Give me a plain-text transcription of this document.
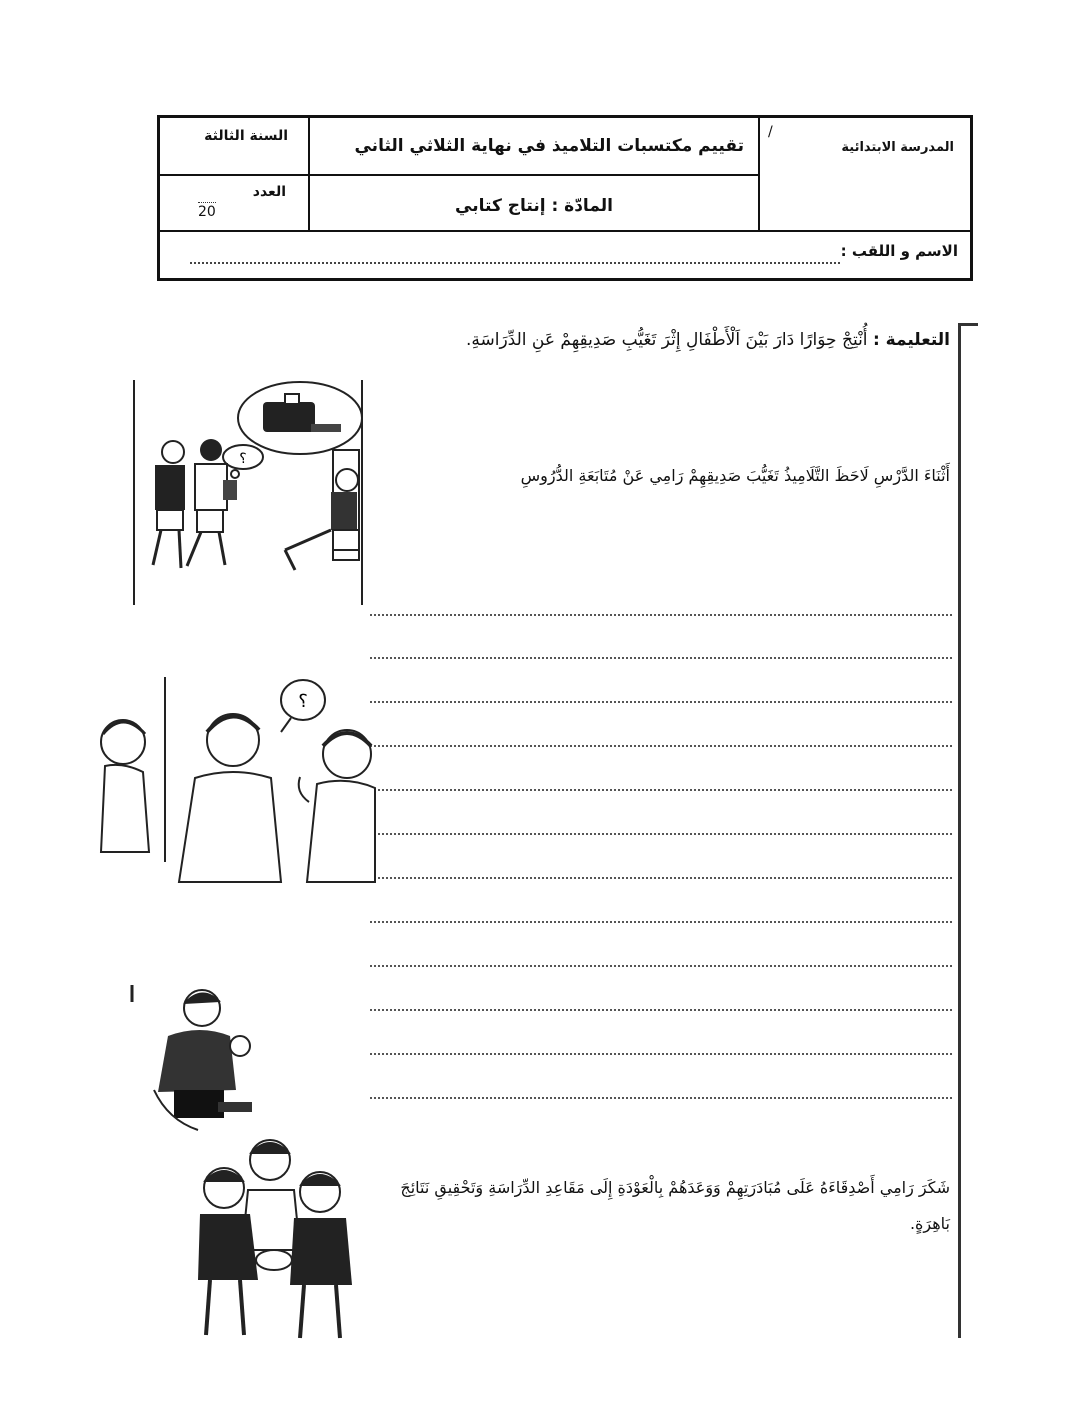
المدرسة الابتدائية
/
تقييم مكتسبات التلاميذ في نهاية الثلاثي الثاني
المادّة : إنتاج كتابي
السنة الثالثة
العدد
20
الاسم و اللقب :
التعليمة : أُنْتِجْ حِوَارًا دَارَ بَيْنَ اَلْأَطْفَالِ إِثْرَ تَغَيُّبِ صَدِيقِهِمْ عَنِ الدِّرَاسَةِ.
أَثْنَاءَ الدَّرْسِ لَاحَظَ التَّلَامِيذُ تَغَيُّبَ صَدِيقِهِمْ رَامِي عَنْ مُتَابَعَةِ الدُّرُوسِ
شَكَرَ رَامِي أَصْدِقَاءَهُ عَلَى مُبَادَرَتِهِمْ وَوَعَدَهُمْ بِالْعَوْدَةِ إِلَى مَقَاعِدِ الدِّرَاسَةِ وَتَحْقِيقِ نَتَائِجَ بَاهِرَةٍ.
؟
؟
